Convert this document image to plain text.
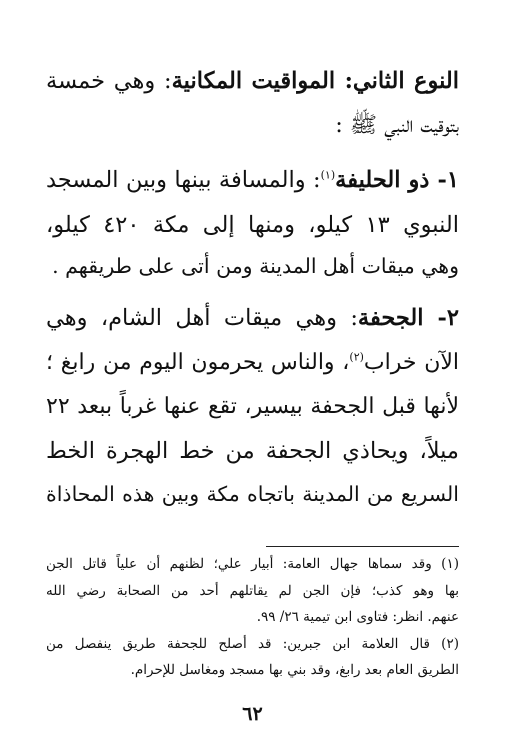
النوع الثاني: المواقيت المكانية: وهي خمسة
بتوقيت النبي ﷺ :
١- ذو الحليفة$^{(١)}$: والمسافة بينها وبين المسجد
النبوي ١٣ كيلو، ومنها إلى مكة ٤٢٠ كيلو،
وهي ميقات أهل المدينة ومن أتى على طريقهم .
٢- الجحفة: وهي ميقات أهل الشام، وهي
الآن خراب$^{(٢)}$، والناس يحرمون اليوم من رابغ ؛
لأنها قبل الجحفة بيسير، تقع عنها غرباً ببعد ٢٢
ميلاً، ويحاذي الجحفة من خط الهجرة الخط
السريع من المدينة باتجاه مكة وبين هذه المحاذاة
(١) وقد سماها جهال العامة: أبيار علي؛ لظنهم أن علياً قاتل الجن
بها وهو كذب؛ فإن الجن لم يقاتلهم أحد من الصحابة رضي الله
عنهم. انظر: فتاوى ابن تيمية ٢٦/ ٩٩.
(٢) قال العلامة ابن جبرين: قد أصلح للجحفة طريق ينفصل من
الطريق العام بعد رابغ، وقد بني بها مسجد ومغاسل للإحرام.
٦٢
